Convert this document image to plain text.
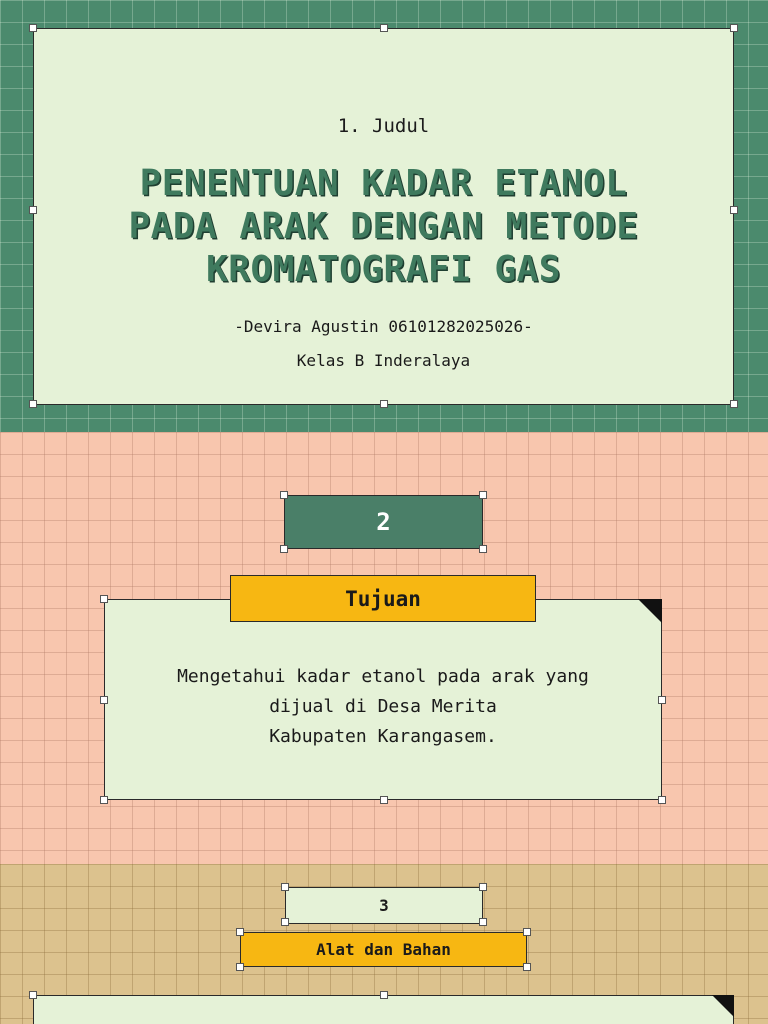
1. Judul
PENENTUAN KADAR ETANOL
PADA ARAK DENGAN METODE
KROMATOGRAFI GAS
-Devira Agustin 06101282025026-
Kelas B Inderalaya
2
Mengetahui kadar etanol pada arak yang
dijual di Desa Merita
Kabupaten Karangasem.
Tujuan
3
Alat dan Bahan
